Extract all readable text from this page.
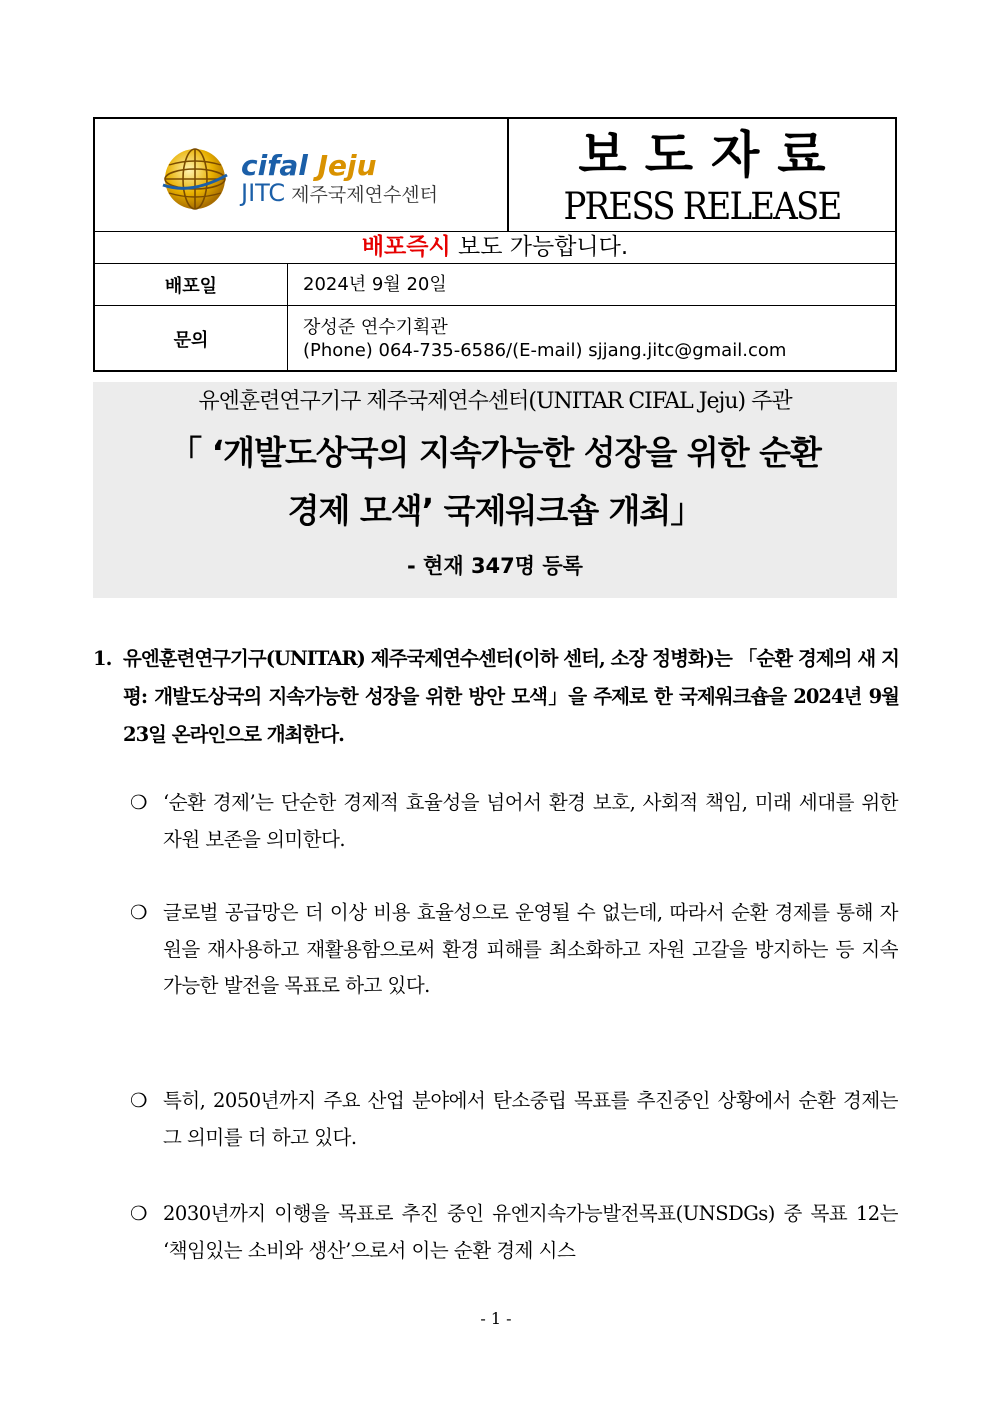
cifal Jeju
JITC 제주국제연수센터
보도자료
PRESS RELEASE
배포즉시 보도 가능합니다.
배포일	2024년 9월 20일
문의
장성준 연수기획관
(Phone) 064-735-6586/(E-mail) sjjang.jitc@gmail.com
유엔훈련연구기구 제주국제연수센터(UNITAR CIFAL Jeju) 주관
「 ‘개발도상국의 지속가능한 성장을 위한 순환
경제 모색’ 국제워크숍 개최」
- 현재 347명 등록
1. 유엔훈련연구기구(UNITAR) 제주국제연수센터(이하 센터, 소장 정병화)는 「순환 경제의 새 지평: 개발도상국의 지속가능한 성장을 위한 방안 모색」을 주제로 한 국제워크숍을 2024년 9월 23일 온라인으로 개최한다.
❍ ‘순환 경제’는 단순한 경제적 효율성을 넘어서 환경 보호, 사회적 책임, 미래 세대를 위한 자원 보존을 의미한다.
❍ 글로벌 공급망은 더 이상 비용 효율성으로 운영될 수 없는데, 따라서 순환 경제를 통해 자원을 재사용하고 재활용함으로써 환경 피해를 최소화하고 자원 고갈을 방지하는 등 지속가능한 발전을 목표로 하고 있다.
❍ 특히, 2050년까지 주요 산업 분야에서 탄소중립 목표를 추진중인 상황에서 순환 경제는 그 의미를 더 하고 있다.
❍ 2030년까지 이행을 목표로 추진 중인 유엔지속가능발전목표(UNSDGs) 중 목표 12는 ‘책임있는 소비와 생산’으로서 이는 순환 경제 시스
- 1 -
